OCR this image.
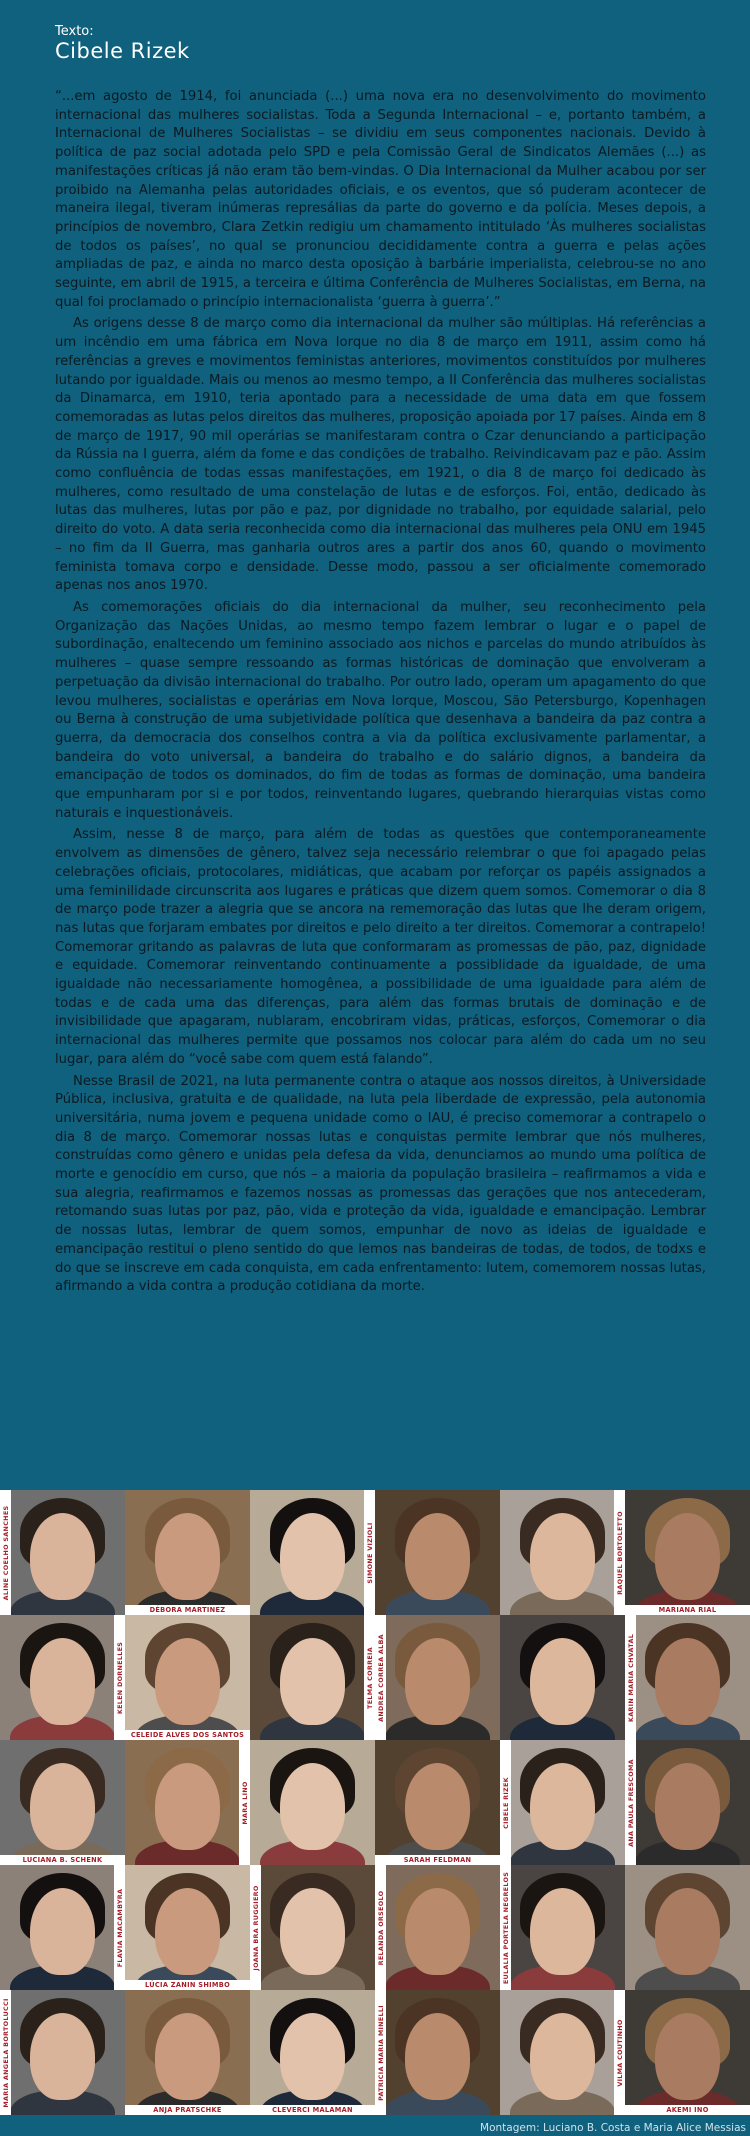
Texto:
Cibele Rizek

“...em agosto de 1914, foi anunciada (...) uma nova era no desenvolvimento do movimento internacional das mulheres socialistas. Toda a Segunda Internacional – e, portanto também, a Internacional de Mulheres Socialistas – se dividiu em seus componentes nacionais. Devido à política de paz social adotada pelo SPD e pela Comissão Geral de Sindicatos Alemães (...) as manifestações críticas já não eram tão bem-vindas. O Dia Internacional da Mulher acabou por ser proibido na Alemanha pelas autoridades oficiais, e os eventos, que só puderam acontecer de maneira ilegal, tiveram inúmeras represálias da parte do governo e da polícia. Meses depois, a princípios de novembro, Clara Zetkin redigiu um chamamento intitulado ‘Às mulheres socialistas de todos os países’, no qual se pronunciou decididamente contra a guerra e pelas ações ampliadas de paz, e ainda no marco desta oposição à barbárie imperialista, celebrou-se no ano seguinte, em abril de 1915, a terceira e última Conferência de Mulheres Socialistas, em Berna, na qual foi proclamado o princípio internacionalista ‘guerra à guerra’.”

As origens desse 8 de março como dia internacional da mulher são múltiplas. Há referências a um incêndio em uma fábrica em Nova Iorque no dia 8 de março em 1911, assim como há referências a greves e movimentos feministas anteriores, movimentos constituídos por mulheres lutando por igualdade. Mais ou menos ao mesmo tempo, a II Conferência das mulheres socialistas da Dinamarca, em 1910, teria apontado para a necessidade de uma data em que fossem comemoradas as lutas pelos direitos das mulheres, proposição apoiada por 17 países. Ainda em 8 de março de 1917, 90 mil operárias se manifestaram contra o Czar denunciando a participação da Rússia na I guerra, além da fome e das condições de trabalho. Reivindicavam paz e pão. Assim como confluência de todas essas manifestações, em 1921, o dia 8 de março foi dedicado às mulheres, como resultado de uma constelação de lutas e de esforços. Foi, então, dedicado às lutas das mulheres, lutas por pão e paz, por dignidade no trabalho, por equidade salarial, pelo direito do voto. A data seria reconhecida como dia internacional das mulheres pela ONU em 1945 – no fim da II Guerra, mas ganharia outros ares a partir dos anos 60, quando o movimento feminista tomava corpo e densidade. Desse modo, passou a ser oficialmente comemorado apenas nos anos 1970.

As comemorações oficiais do dia internacional da mulher, seu reconhecimento pela Organização das Nações Unidas, ao mesmo tempo fazem lembrar o lugar e o papel de subordinação, enaltecendo um feminino associado aos nichos e parcelas do mundo atribuídos às mulheres – quase sempre ressoando as formas históricas de dominação que envolveram a perpetuação da divisão internacional do trabalho. Por outro lado, operam um apagamento do que levou mulheres, socialistas e operárias em Nova Iorque, Moscou, São Petersburgo, Kopenhagen ou Berna à construção de uma subjetividade política que desenhava a bandeira da paz contra a guerra, da democracia dos conselhos contra a via da política exclusivamente parlamentar, a bandeira do voto universal, a bandeira do trabalho e do salário dignos, a bandeira da emancipação de todos os dominados, do fim de todas as formas de dominação, uma bandeira que empunharam por si e por todos, reinventando lugares, quebrando hierarquias vistas como naturais e inquestionáveis.

Assim, nesse 8 de março, para além de todas as questões que contemporaneamente envolvem as dimensões de gênero, talvez seja necessário relembrar o que foi apagado pelas celebrações oficiais, protocolares, midiáticas, que acabam por reforçar os papéis assignados a uma feminilidade circunscrita aos lugares e práticas que dizem quem somos. Comemorar o dia 8 de março pode trazer a alegria que se ancora na rememoração das lutas que lhe deram origem, nas lutas que forjaram embates por direitos e pelo direito a ter direitos. Comemorar a contrapelo! Comemorar gritando as palavras de luta que conformaram as promessas de pão, paz, dignidade e equidade. Comemorar reinventando continuamente a possiblidade da igualdade, de uma igualdade não necessariamente homogênea, a possibilidade de uma igualdade para além de todas e de cada uma das diferenças, para além das formas brutais de dominação e de invisibilidade que apagaram, nublaram, encobriram vidas, práticas, esforços, Comemorar o dia internacional das mulheres permite que possamos nos colocar para além do cada um no seu lugar, para além do “você sabe com quem está falando”.

Nesse Brasil de 2021, na luta permanente contra o ataque aos nossos direitos, à Universidade Pública, inclusiva, gratuita e de qualidade, na luta pela liberdade de expressão, pela autonomia universitária, numa jovem e pequena unidade como o IAU, é preciso comemorar a contrapelo o dia 8 de março. Comemorar nossas lutas e conquistas permite lembrar que nós mulheres, construídas como gênero e unidas pela defesa da vida, denunciamos ao mundo uma política de morte e genocídio em curso, que nós – a maioria da população brasileira – reafirmamos a vida e sua alegria, reafirmamos e fazemos nossas as promessas das gerações que nos antecederam, retomando suas lutas por paz, pão, vida e proteção da vida, igualdade e emancipação. Lembrar de nossas lutas, lembrar de quem somos, empunhar de novo as ideias de igualdade e emancipação restitui o pleno sentido do que lemos nas bandeiras de todas, de todos, de todxs e do que se inscreve em cada conquista, em cada enfrentamento: lutem, comemorem nossas lutas, afirmando a vida contra a produção cotidiana da morte.

ALINE COELHO SANCHES
DÉBORA MARTINEZ
SIMONE VIZIOLI	RAQUEL BORTOLETTO
MARIANA RIAL
KELEN DORNELLES
CELEIDE ALVES DOS SANTOS
TELMA CORREIA ANDREA CORREA ALBA	KARIN MARIA CHVATAL
LUCIANA B. SCHENK
MARA LINO
SARAH FELDMAN
CIBELE RIZEK	ANA PAULA FRESCOMA
FLAVIA MACAMBYRA
LÚCIA ZANIN SHIMBO
JOANA BRA RUGGIERO	RELANDA ORSEOLO	EULALIA PORTELA NEGRELOS
MARIA ANGELA BORTOLUCCI
ANJA PRATSCHKE	CLEVERCI MALAMAN
PATRICIA MARIA MINELLI	VILMA COUTINHO
AKEMI INO
Montagem: Luciano B. Costa e Maria Alice Messias
